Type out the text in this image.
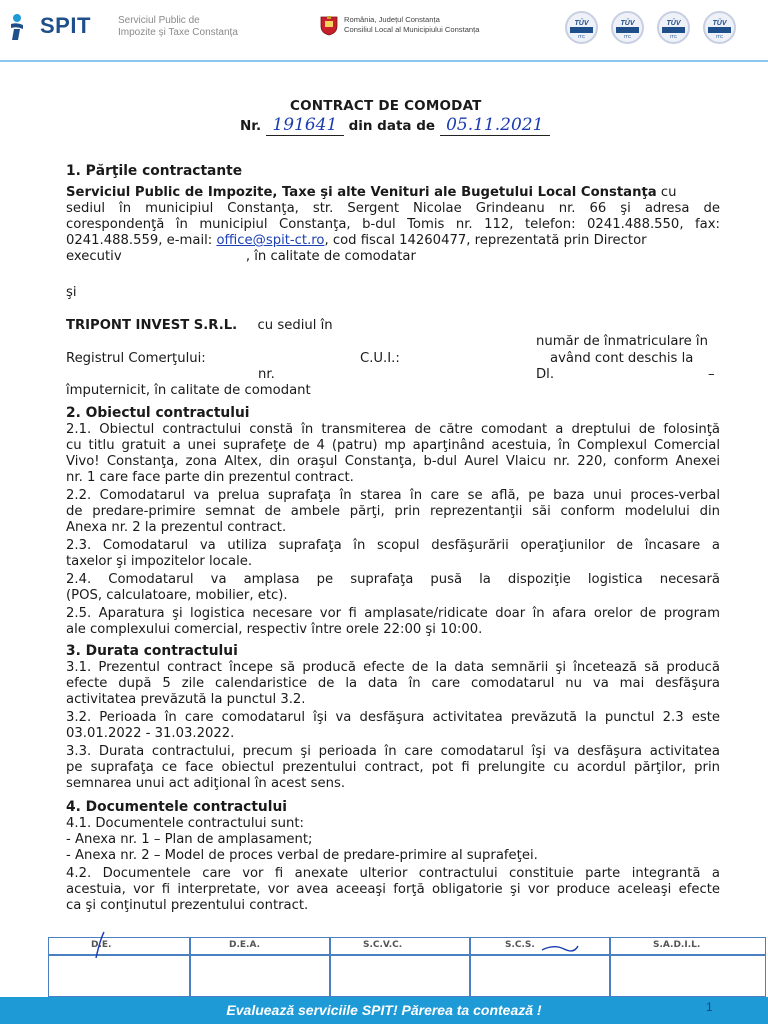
SPIT	Serviciul Public de
Impozite și Taxe Constanța
România, Județul Constanța
Consiliul Local al Municipiului Constanța
TÜV
ITC
TÜV
ITC
TÜV
ITC
TÜV
ITC
CONTRACT DE COMODAT
Nr. 191641 din data de 05.11.2021
1. Părţile contractante
Serviciul Public de Impozite, Taxe şi alte Venituri ale Bugetului Local Constanţa cu
sediul în municipiul Constanţa, str. Sergent Nicolae Grindeanu nr. 66 şi adresa de
corespondenţă în municipiul Constanţa, b-dul Tomis nr. 112, telefon: 0241.488.550, fax:
0241.488.559, e-mail: office@spit-ct.ro, cod fiscal 14260477, reprezentată prin Director
executiv	, în calitate de comodatar
şi
TRIPONT INVEST S.R.L. cu sediul în
număr de înmatriculare în
Registrul Comerţului:	C.U.I.:	având cont deschis la
nr.	Dl.	–
împuternicit, în calitate de comodant
2. Obiectul contractului
2.1. Obiectul contractului constă în transmiterea de către comodant a dreptului de folosinţă
cu titlu gratuit a unei suprafeţe de 4 (patru) mp aparţinând acestuia, în Complexul Comercial
Vivo! Constanţa, zona Altex, din oraşul Constanţa, b-dul Aurel Vlaicu nr. 220, conform Anexei
nr. 1 care face parte din prezentul contract.
2.2. Comodatarul va prelua suprafaţa în starea în care se află, pe baza unui proces-verbal
de predare-primire semnat de ambele părţi, prin reprezentanţii săi conform modelului din
Anexa nr. 2 la prezentul contract.
2.3. Comodatarul va utiliza suprafaţa în scopul desfăşurării operaţiunilor de încasare a
taxelor şi impozitelor locale.
2.4. Comodatarul va amplasa pe suprafaţa pusă la dispoziţie logistica necesară
(POS, calculatoare, mobilier, etc).
2.5. Aparatura şi logistica necesare vor fi amplasate/ridicate doar în afara orelor de program
ale complexului comercial, respectiv între orele 22:00 şi 10:00.
3. Durata contractului
3.1. Prezentul contract începe să producă efecte de la data semnării şi încetează să producă
efecte după 5 zile calendaristice de la data în care comodatarul nu va mai desfăşura
activitatea prevăzută la punctul 3.2.
3.2. Perioada în care comodatarul îşi va desfăşura activitatea prevăzută la punctul 2.3 este
03.01.2022 - 31.03.2022.
3.3. Durata contractului, precum şi perioada în care comodatarul îşi va desfăşura activitatea
pe suprafaţa ce face obiectul prezentului contract, pot fi prelungite cu acordul părţilor, prin
semnarea unui act adiţional în acest sens.
4. Documentele contractului
4.1. Documentele contractului sunt:
- Anexa nr. 1 – Plan de amplasament;
- Anexa nr. 2 – Model de proces verbal de predare-primire al suprafeţei.
4.2. Documentele care vor fi anexate ulterior contractului constituie parte integrantă a
acestuia, vor fi interpretate, vor avea aceeaşi forţă obligatorie şi vor produce aceleaşi efecte
ca şi conţinutul prezentului contract.
D.E.	D.E.A.	S.C.V.C.	S.C.S.	S.A.D.I.L.
Evaluează serviciile SPIT! Părerea ta contează !	1
